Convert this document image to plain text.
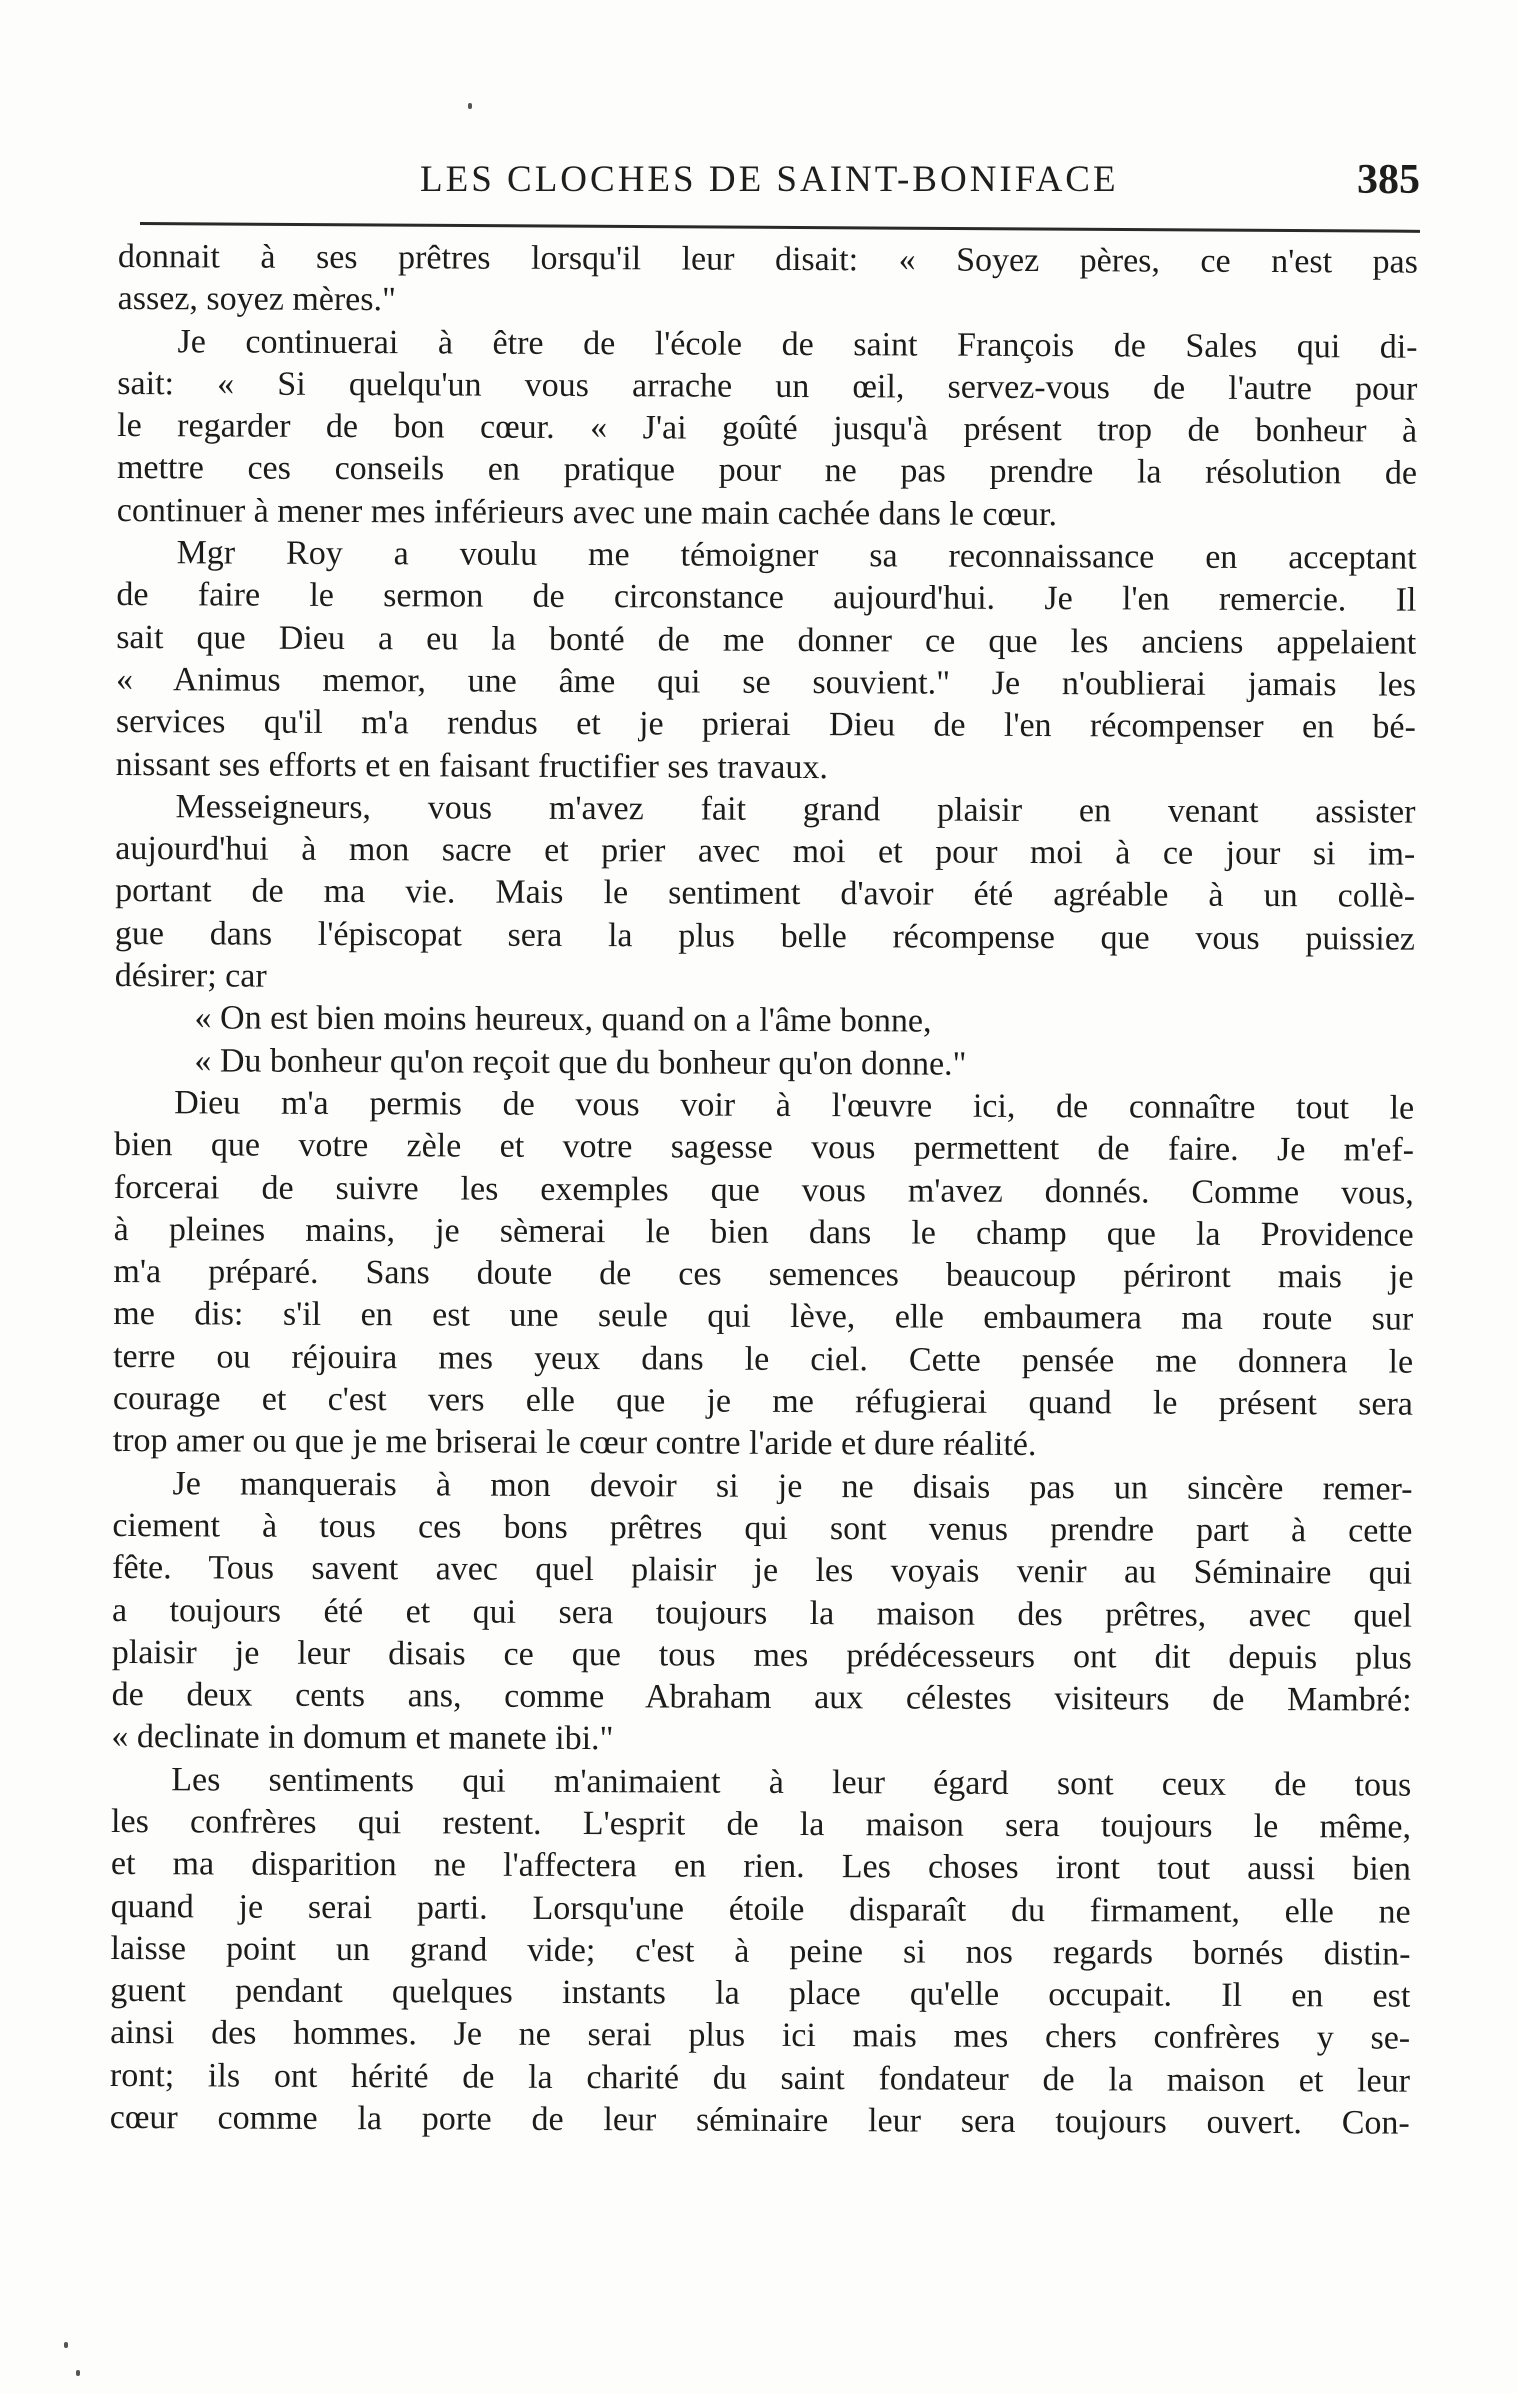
LES CLOCHES DE SAINT-BONIFACE	385
donnait à ses prêtres lorsqu'il leur disait: « Soyez pères, ce n'est pas
assez, soyez mères."
Je continuerai à être de l'école de saint François de Sales qui di-
sait: « Si quelqu'un vous arrache un œil, servez-vous de l'autre pour
le regarder de bon cœur. « J'ai goûté jusqu'à présent trop de bonheur à
mettre ces conseils en pratique pour ne pas prendre la résolution de
continuer à mener mes inférieurs avec une main cachée dans le cœur.
Mgr Roy a voulu me témoigner sa reconnaissance en acceptant
de faire le sermon de circonstance aujourd'hui. Je l'en remercie. Il
sait que Dieu a eu la bonté de me donner ce que les anciens appelaient
« Animus memor, une âme qui se souvient." Je n'oublierai jamais les
services qu'il m'a rendus et je prierai Dieu de l'en récompenser en bé-
nissant ses efforts et en faisant fructifier ses travaux.
Messeigneurs, vous m'avez fait grand plaisir en venant assister
aujourd'hui à mon sacre et prier avec moi et pour moi à ce jour si im-
portant de ma vie. Mais le sentiment d'avoir été agréable à un collè-
gue dans l'épiscopat sera la plus belle récompense que vous puissiez
désirer; car
« On est bien moins heureux, quand on a l'âme bonne,
« Du bonheur qu'on reçoit que du bonheur qu'on donne."
Dieu m'a permis de vous voir à l'œuvre ici, de connaître tout le
bien que votre zèle et votre sagesse vous permettent de faire. Je m'ef-
forcerai de suivre les exemples que vous m'avez donnés. Comme vous,
à pleines mains, je sèmerai le bien dans le champ que la Providence
m'a préparé. Sans doute de ces semences beaucoup périront mais je
me dis: s'il en est une seule qui lève, elle embaumera ma route sur
terre ou réjouira mes yeux dans le ciel. Cette pensée me donnera le
courage et c'est vers elle que je me réfugierai quand le présent sera
trop amer ou que je me briserai le cœur contre l'aride et dure réalité.
Je manquerais à mon devoir si je ne disais pas un sincère remer-
ciement à tous ces bons prêtres qui sont venus prendre part à cette
fête. Tous savent avec quel plaisir je les voyais venir au Séminaire qui
a toujours été et qui sera toujours la maison des prêtres, avec quel
plaisir je leur disais ce que tous mes prédécesseurs ont dit depuis plus
de deux cents ans, comme Abraham aux célestes visiteurs de Mambré:
« declinate in domum et manete ibi."
Les sentiments qui m'animaient à leur égard sont ceux de tous
les confrères qui restent. L'esprit de la maison sera toujours le même,
et ma disparition ne l'affectera en rien. Les choses iront tout aussi bien
quand je serai parti. Lorsqu'une étoile disparaît du firmament, elle ne
laisse point un grand vide; c'est à peine si nos regards bornés distin-
guent pendant quelques instants la place qu'elle occupait. Il en est
ainsi des hommes. Je ne serai plus ici mais mes chers confrères y se-
ront; ils ont hérité de la charité du saint fondateur de la maison et leur
cœur comme la porte de leur séminaire leur sera toujours ouvert. Con-
